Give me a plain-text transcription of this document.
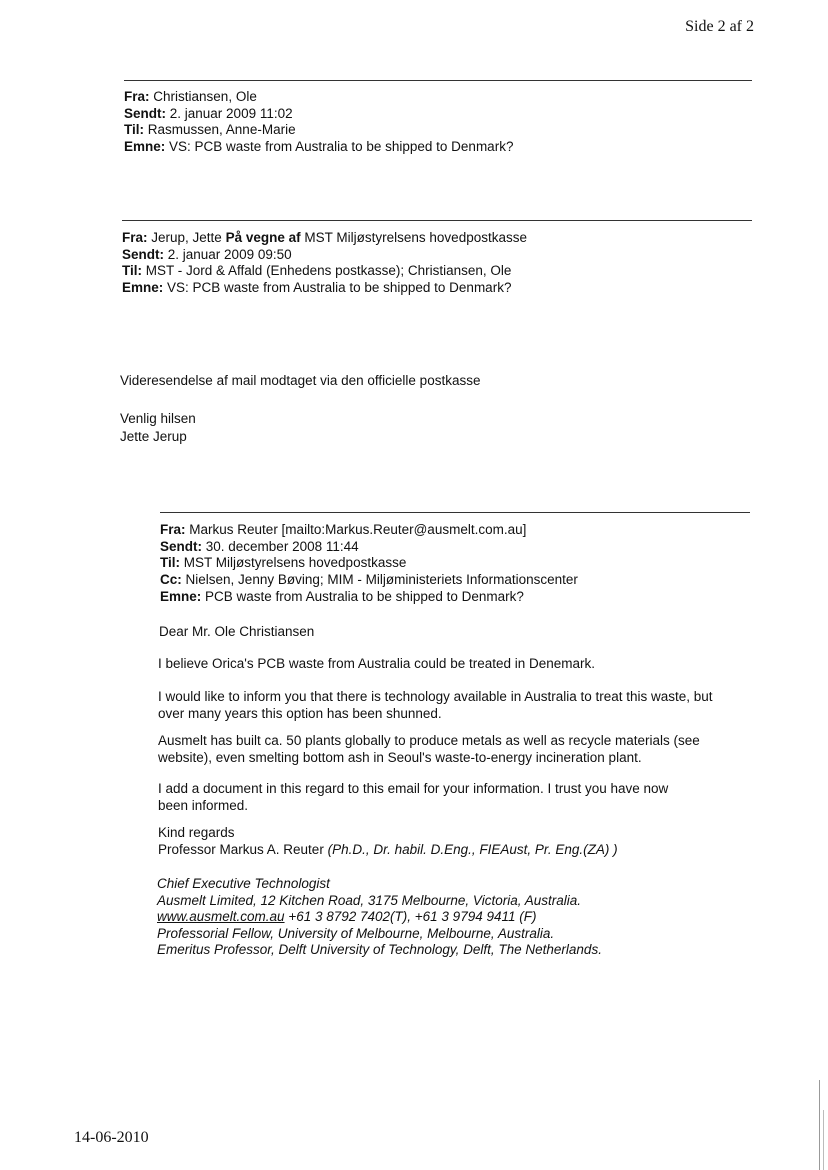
Side 2 af 2
Fra: Christiansen, Ole
Sendt: 2. januar 2009 11:02
Til: Rasmussen, Anne-Marie
Emne: VS: PCB waste from Australia to be shipped to Denmark?
Fra: Jerup, Jette På vegne af MST Miljøstyrelsens hovedpostkasse
Sendt: 2. januar 2009 09:50
Til: MST - Jord & Affald (Enhedens postkasse); Christiansen, Ole
Emne: VS: PCB waste from Australia to be shipped to Denmark?

Videresendelse af mail modtaget via den officielle postkasse

Venlig hilsen

Jette Jerup

Fra: Markus Reuter [mailto:Markus.Reuter@ausmelt.com.au]
Sendt: 30. december 2008 11:44
Til: MST Miljøstyrelsens hovedpostkasse
Cc: Nielsen, Jenny Bøving; MIM - Miljøministeriets Informationscenter
Emne: PCB waste from Australia to be shipped to Denmark?

Dear Mr. Ole Christiansen

I believe Orica's PCB waste from Australia could be treated in Denemark.

I would like to inform you that there is technology available in Australia to treat this waste, but

over many years this option has been shunned.

Ausmelt has built ca. 50 plants globally to produce metals as well as recycle materials (see

website), even smelting bottom ash in Seoul's waste-to-energy incineration plant.

I add a document in this regard to this email for your information. I trust you have now

been informed.

Kind regards

Professor Markus A. Reuter (Ph.D., Dr. habil. D.Eng., FIEAust, Pr. Eng.(ZA) )

Chief Executive Technologist

Ausmelt Limited, 12 Kitchen Road, 3175 Melbourne, Victoria, Australia.

www.ausmelt.com.au +61 3 8792 7402(T), +61 3 9794 9411 (F)

Professorial Fellow, University of Melbourne, Melbourne, Australia.

Emeritus Professor, Delft University of Technology, Delft, The Netherlands.

14-06-2010
